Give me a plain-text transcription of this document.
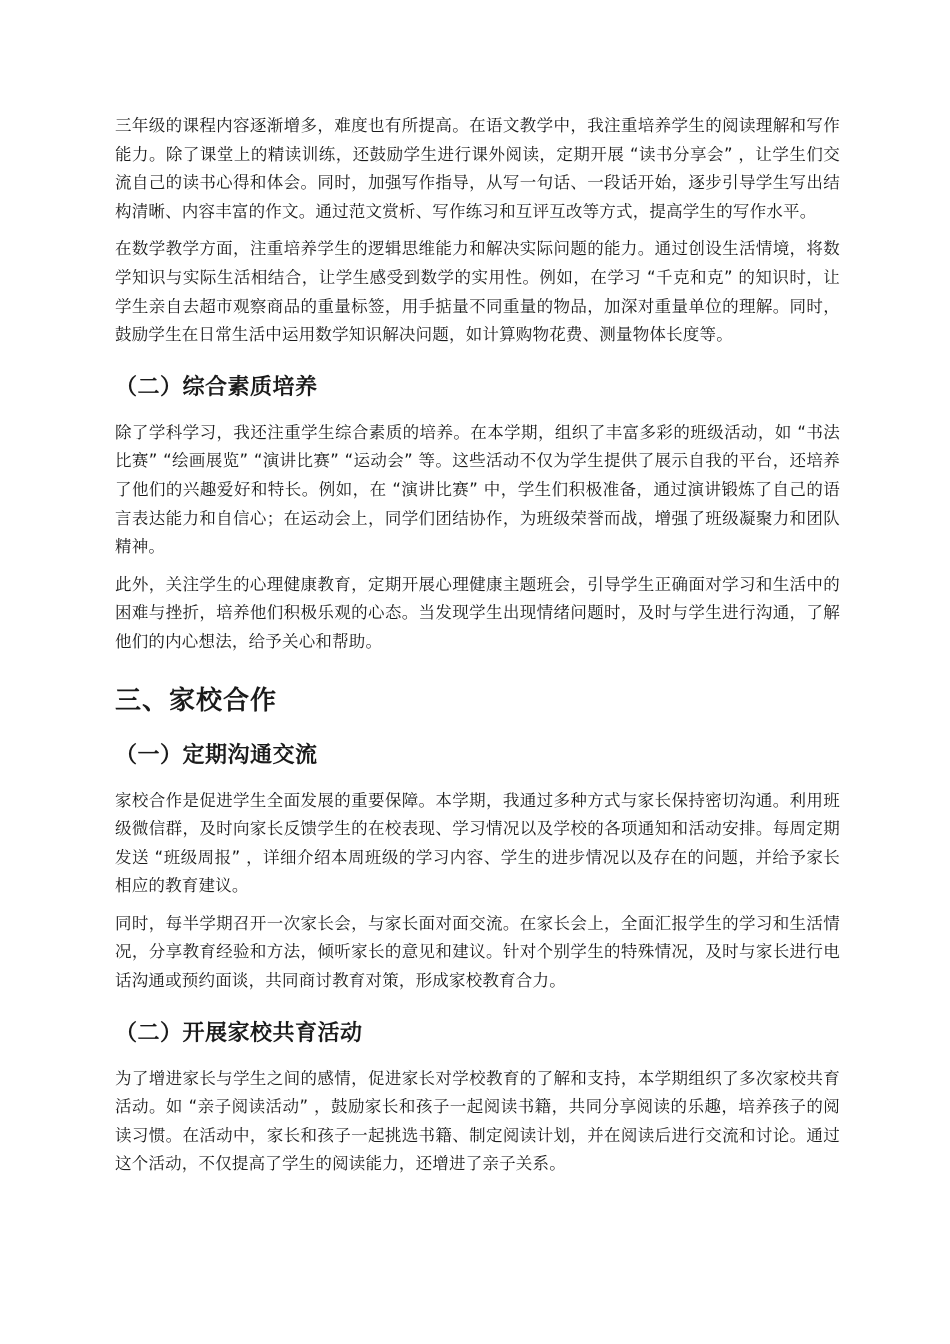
三年级的课程内容逐渐增多，难度也有所提高。在语文教学中，我注重培养学生的阅读理解和写作能力。除了课堂上的精读训练，还鼓励学生进行课外阅读，定期开展 “读书分享会” ，让学生们交流自己的读书心得和体会。同时，加强写作指导，从写一句话、一段话开始，逐步引导学生写出结构清晰、内容丰富的作文。通过范文赏析、写作练习和互评互改等方式，提高学生的写作水平。

在数学教学方面，注重培养学生的逻辑思维能力和解决实际问题的能力。通过创设生活情境，将数学知识与实际生活相结合，让学生感受到数学的实用性。例如，在学习 “千克和克” 的知识时，让学生亲自去超市观察商品的重量标签，用手掂量不同重量的物品，加深对重量单位的理解。同时，鼓励学生在日常生活中运用数学知识解决问题，如计算购物花费、测量物体长度等。

（二）综合素质培养

除了学科学习，我还注重学生综合素质的培养。在本学期，组织了丰富多彩的班级活动，如 “书法比赛” “绘画展览” “演讲比赛” “运动会” 等。这些活动不仅为学生提供了展示自我的平台，还培养了他们的兴趣爱好和特长。例如，在 “演讲比赛” 中，学生们积极准备，通过演讲锻炼了自己的语言表达能力和自信心；在运动会上，同学们团结协作，为班级荣誉而战，增强了班级凝聚力和团队精神。

此外，关注学生的心理健康教育，定期开展心理健康主题班会，引导学生正确面对学习和生活中的困难与挫折，培养他们积极乐观的心态。当发现学生出现情绪问题时，及时与学生进行沟通，了解他们的内心想法，给予关心和帮助。

三、家校合作
（一）定期沟通交流

家校合作是促进学生全面发展的重要保障。本学期，我通过多种方式与家长保持密切沟通。利用班级微信群，及时向家长反馈学生的在校表现、学习情况以及学校的各项通知和活动安排。每周定期发送 “班级周报” ，详细介绍本周班级的学习内容、学生的进步情况以及存在的问题，并给予家长相应的教育建议。

同时，每半学期召开一次家长会，与家长面对面交流。在家长会上，全面汇报学生的学习和生活情况，分享教育经验和方法，倾听家长的意见和建议。针对个别学生的特殊情况，及时与家长进行电话沟通或预约面谈，共同商讨教育对策，形成家校教育合力。

（二）开展家校共育活动

为了增进家长与学生之间的感情，促进家长对学校教育的了解和支持，本学期组织了多次家校共育活动。如 “亲子阅读活动” ，鼓励家长和孩子一起阅读书籍，共同分享阅读的乐趣，培养孩子的阅读习惯。在活动中，家长和孩子一起挑选书籍、制定阅读计划，并在阅读后进行交流和讨论。通过这个活动，不仅提高了学生的阅读能力，还增进了亲子关系。
